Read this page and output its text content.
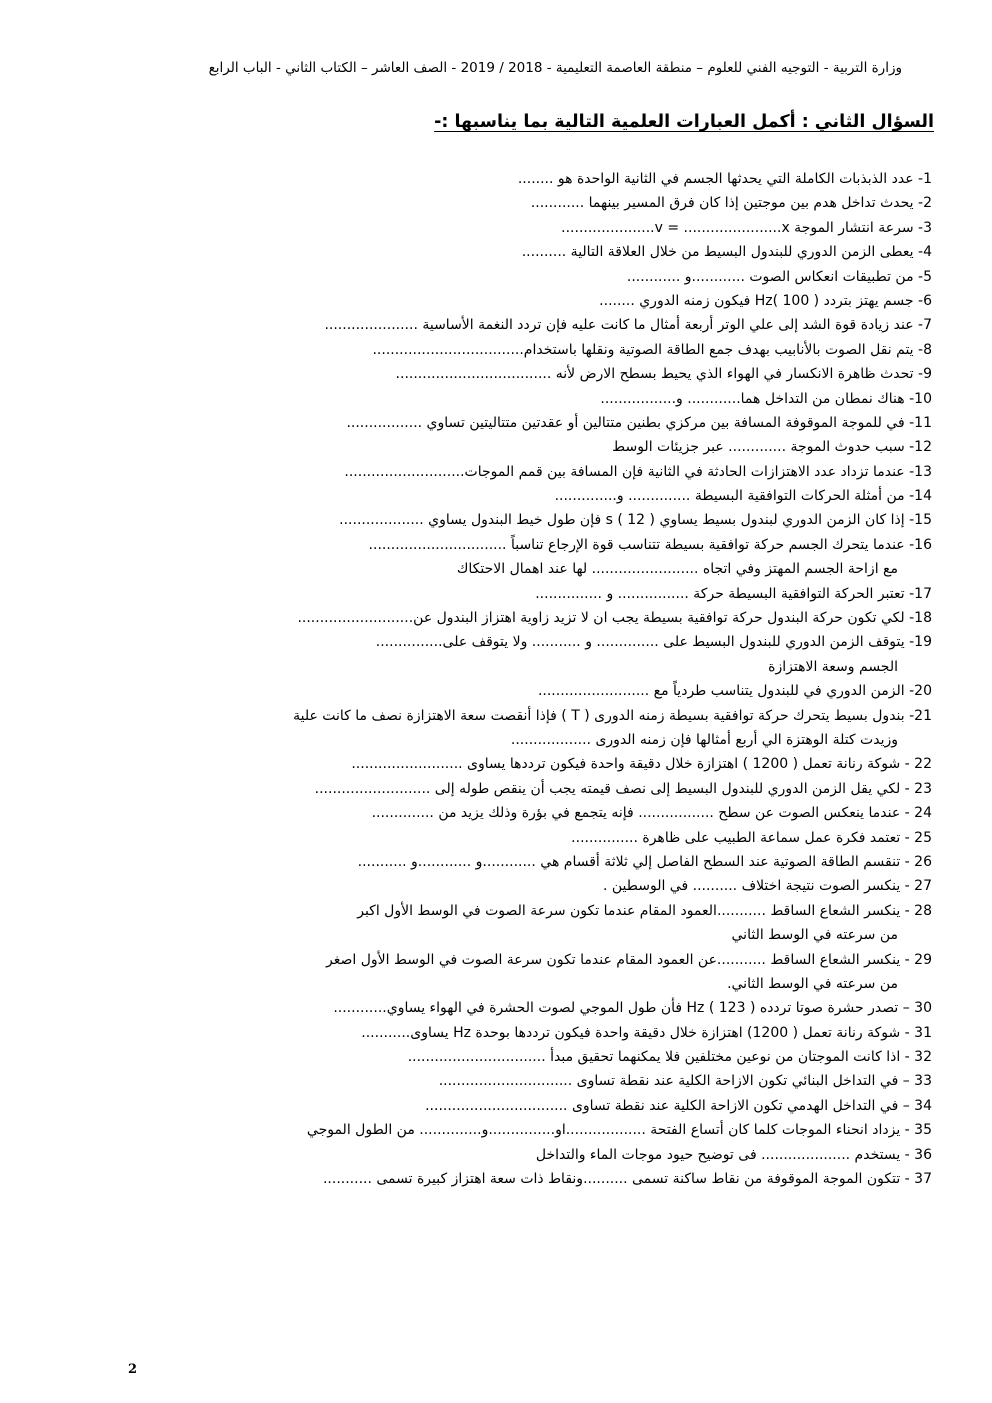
وزارة التربية - التوجيه الفني للعلوم – منطقة العاصمة التعليمية - 2018 / 2019 - الصف العاشر – الكتاب الثاني - الباب الرابع
السؤال الثاني : أكمل العبارات العلمية التالية بما يناسبها :-
1- عدد الذبذبات الكاملة التي يحدثها الجسم في الثانية الواحدة هو ........
2- يحدث تداخل هدم بين موجتين إذا كان فرق المسير بينهما ............
3- سرعة انتشار الموجة v = ......................x.....................
4- يعطى الزمن الدوري للبندول البسيط من خلال العلاقة التالية ..........
5- من تطبيقات انعكاس الصوت ............و ............
6- جسم يهتز بتردد Hz( 100 ) فيكون زمنه الدوري ........
7- عند زيادة قوة الشد إلى علي الوتر أربعة أمثال ما كانت عليه فإن تردد النغمة الأساسية .....................
8- يتم نقل الصوت بالأنابيب بهدف جمع الطاقة الصوتية ونقلها باستخدام..................................
9- تحدث ظاهرة الانكسار في الهواء الذي يحيط بسطح الارض لأنه ...................................
10- هناك نمطان من التداخل هما............ و.................
11- في للموجة الموقوفة المسافة بين مركزي بطنين متتالين أو عقدتين متتاليتين تساوي .................
12- سبب حدوث الموجة ............. عبر جزيئات الوسط
13- عندما تزداد عدد الاهتزازات الحادثة في الثانية فإن المسافة بين قمم الموجات...........................
14- من أمثلة الحركات التوافقية البسيطة .............. و..............
15- إذا كان الزمن الدوري لبندول بسيط يساوي s ( 12 ) فإن طول خيط البندول يساوي ...................
16- عندما يتحرك الجسم حركة توافقية بسيطة تتناسب قوة الإرجاع تناسباً ...............................
مع ازاحة الجسم المهتز وفي اتجاه ........................ لها عند اهمال الاحتكاك
17- تعتبر الحركة التوافقية البسيطة حركة ................ و ...............
18- لكي تكون حركة البندول حركة توافقية بسيطة يجب ان لا تزيد زاوية اهتزاز البندول عن..........................
19- يتوقف الزمن الدوري للبندول البسيط على .............. و ........... ولا يتوقف على...............
الجسم وسعة الاهتزازة
20- الزمن الدوري في للبندول يتناسب طردياً مع .........................
21- بندول بسيط يتحرك حركة توافقية بسيطة زمنه الدورى ( T ) فإذا أنقصت سعة الاهتزازة نصف ما كانت علية
وزيدت كتلة الوهتزة الي أربع أمثالها فإن زمنه الدورى ..................
22 - شوكة رنانة تعمل ( 1200 ) اهتزازة خلال دقيقة واحدة فيكون ترددها يساوى .........................
23 - لكي يقل الزمن الدوري للبندول البسيط إلى نصف قيمته يجب أن ينقص طوله إلى ..........................
24 - عندما ينعكس الصوت عن سطح ................. فإنه يتجمع في بؤرة وذلك يزيد من ..............
25 - تعتمد فكرة عمل سماعة الطبيب على ظاهرة ...............
26 - تنقسم الطاقة الصوتية عند السطح الفاصل إلي ثلاثة أقسام هي ............و ............و ...........
27 - ينكسر الصوت نتيجة اختلاف .......... في الوسطين .
28 - ينكسر الشعاع الساقط ...........العمود المقام عندما تكون سرعة الصوت في الوسط الأول اكبر
من سرعته في الوسط الثاني
29 - ينكسر الشعاع الساقط ...........عن العمود المقام عندما تكون سرعة الصوت في الوسط الأول اصغر
من سرعته في الوسط الثاني.
30 – تصدر حشرة صوتا تردده Hz ( 123 ) فأن طول الموجي لصوت الحشرة في الهواء يساوي............
31 - شوكة رنانة تعمل ( 1200) اهتزازة خلال دقيقة واحدة فيكون ترددها بوحدة Hz يساوى...........
32 - اذا كانت الموجتان من نوعين مختلفين فلا يمكنهما تحقيق مبدأ ...............................
33 – في التداخل البنائي تكون الازاحة الكلية عند نقطة تساوى ..............................
34 – في التداخل الهدمي تكون الازاحة الكلية عند نقطة تساوى ................................
35 - يزداد انحناء الموجات كلما كان أتساع الفتحة ..................او...............و.............. من الطول الموجي
36 - يستخدم .................... فى توضيح حيود موجات الماء والتداخل
37 - تتكون الموجة الموقوفة من نقاط ساكنة تسمى ..........ونقاط ذات سعة اهتزاز كبيرة تسمى ...........
2
